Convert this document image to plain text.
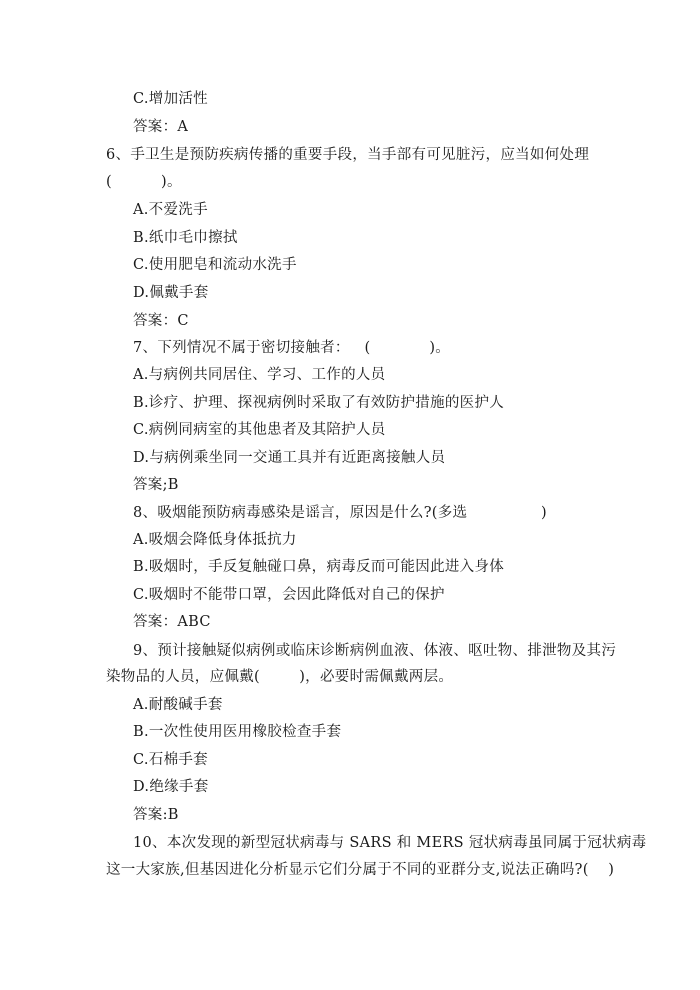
C.增加活性
答案：A
6、手卫生是预防疾病传播的重要手段，当手部有可见脏污，应当如何处理
(          )。
A.不爱洗手
B.纸巾毛巾擦拭
C.使用肥皂和流动水洗手
D.佩戴手套
答案：C
7、下列情况不属于密切接触者：   (            )。
A.与病例共同居住、学习、工作的人员
B.诊疗、护理、探视病例时采取了有效防护措施的医护人
C.病例同病室的其他患者及其陪护人员
D.与病例乘坐同一交通工具并有近距离接触人员
答案;B
8、吸烟能预防病毒感染是谣言，原因是什么?(多选               )
A.吸烟会降低身体抵抗力
B.吸烟时，手反复触碰口鼻，病毒反而可能因此进入身体
C.吸烟时不能带口罩，会因此降低对自己的保护
答案：ABC
9、预计接触疑似病例或临床诊断病例血液、体液、呕吐物、排泄物及其污
染物品的人员，应佩戴(        )，必要时需佩戴两层。
A.耐酸碱手套
B.一次性使用医用橡胶检查手套
C.石棉手套
D.绝缘手套
答案:B
10、本次发现的新型冠状病毒与 SARS 和 MERS 冠状病毒虽同属于冠状病毒
这一大家族,但基因进化分析显示它们分属于不同的亚群分支,说法正确吗?(    )
